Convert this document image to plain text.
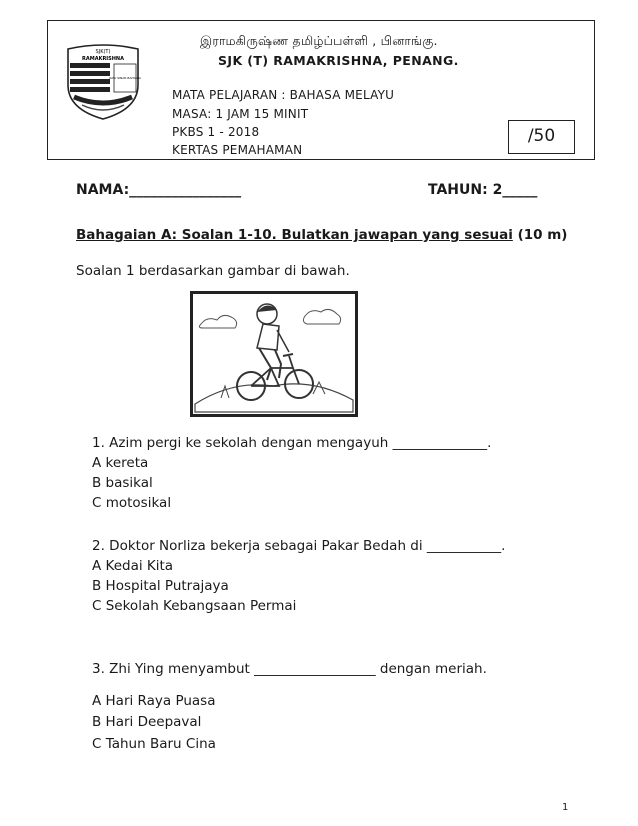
SJK(T)
RAMAKRISHNA
ILMU SINAR BAHAGIA
இராமகிருஷ்ண தமிழ்ப்பள்ளி , பினாங்கு.
SJK (T) RAMAKRISHNA, PENANG.
MATA PELAJARAN : BAHASA MELAYU
MASA: 1 JAM 15 MINIT
PKBS 1 - 2018
KERTAS PEMAHAMAN
/50
NAMA:________________	TAHUN: 2_____
Bahagaian A: Soalan 1-10. Bulatkan jawapan yang sesuai (10 m)
Soalan 1 berdasarkan gambar di bawah.
1. Azim pergi ke sekolah dengan mengayuh ______________.
A kereta
B basikal
C motosikal
2. Doktor Norliza bekerja sebagai Pakar Bedah di ___________.
A Kedai Kita
B Hospital Putrajaya
C Sekolah Kebangsaan Permai
3. Zhi Ying menyambut __________________ dengan meriah.
A Hari Raya Puasa
B Hari Deepaval
C Tahun Baru Cina
1
